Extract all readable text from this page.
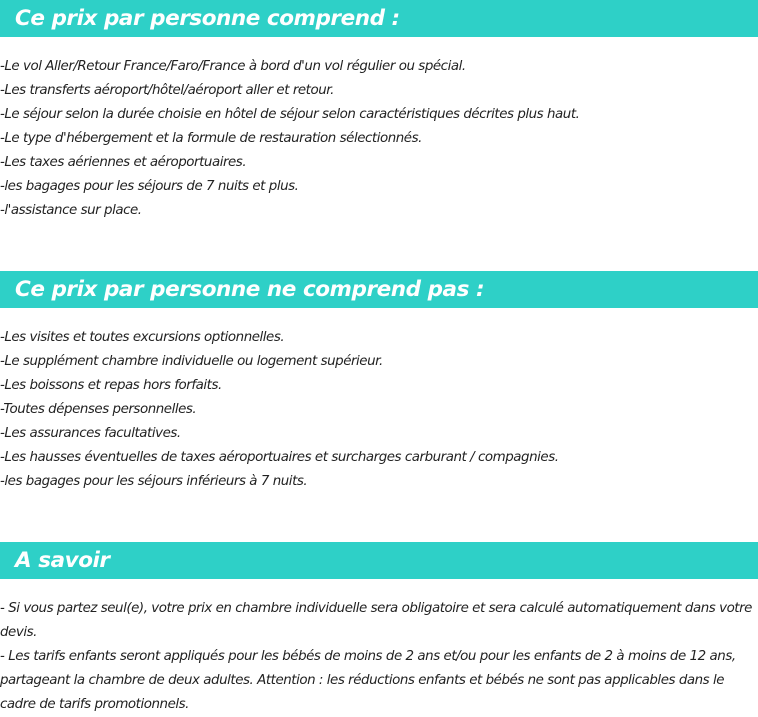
Ce prix par personne comprend :
-Le vol Aller/Retour France/Faro/France à bord d'un vol régulier ou spécial.
-Les transferts aéroport/hôtel/aéroport aller et retour.
-Le séjour selon la durée choisie en hôtel de séjour selon caractéristiques décrites plus haut.
-Le type d'hébergement et la formule de restauration sélectionnés.
-Les taxes aériennes et aéroportuaires.
-les bagages pour les séjours de 7 nuits et plus.
-l'assistance sur place.
Ce prix par personne ne comprend pas :
-Les visites et toutes excursions optionnelles.
-Le supplément chambre individuelle ou logement supérieur.
-Les boissons et repas hors forfaits.
-Toutes dépenses personnelles.
-Les assurances facultatives.
-Les hausses éventuelles de taxes aéroportuaires et surcharges carburant / compagnies.
-les bagages pour les séjours inférieurs à 7 nuits.
A savoir

- Si vous partez seul(e), votre prix en chambre individuelle sera obligatoire et sera calculé automatiquement dans votre devis.

- Les tarifs enfants seront appliqués pour les bébés de moins de 2 ans et/ou pour les enfants de 2 à moins de 12 ans, partageant la chambre de deux adultes. Attention : les réductions enfants et bébés ne sont pas applicables dans le cadre de tarifs promotionnels.
